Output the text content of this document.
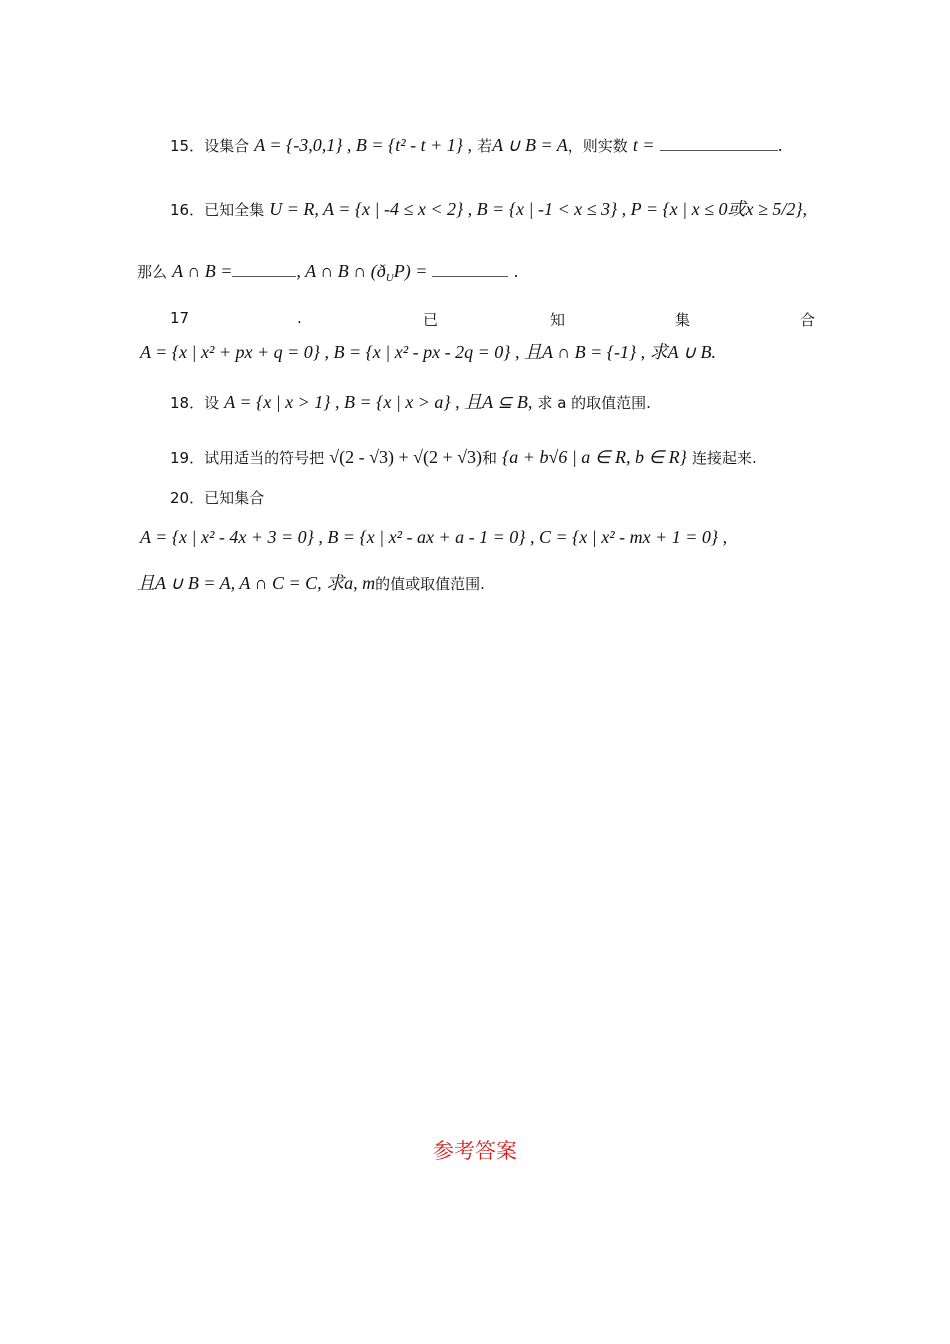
15．设集合 A = {-3,0,1} , B = {t² - t + 1} , 若A ∪ B = A，则实数 t =	.
16．已知全集 U = R, A = {x | -4 ≤ x < 2} , B = {x | -1 < x ≤ 3} , P = {x | x ≤ 0或x ≥ 5/2},
那么 A ∩ B =	, A ∩ B ∩ $(ð_UP)$ =	.
17	.	已	知	集	合
A = {x | x² + px + q = 0} , B = {x | x² - px - 2q = 0} , 且A ∩ B = {-1} , 求A ∪ B.
18．设 A = {x | x > 1} , B = {x | x > a} , 且A ⊆ B, 求 a 的取值范围.
19．试用适当的符号把 √(2 - √3) + √(2 + √3)和 {a + b√6 | a ∈ R, b ∈ R} 连接起来.
20．已知集合
A = {x | x² - 4x + 3 = 0} , B = {x | x² - ax + a - 1 = 0} , C = {x | x² - mx + 1 = 0} ,
且A ∪ B = A, A ∩ C = C, 求a, m的值或取值范围.
参考答案
